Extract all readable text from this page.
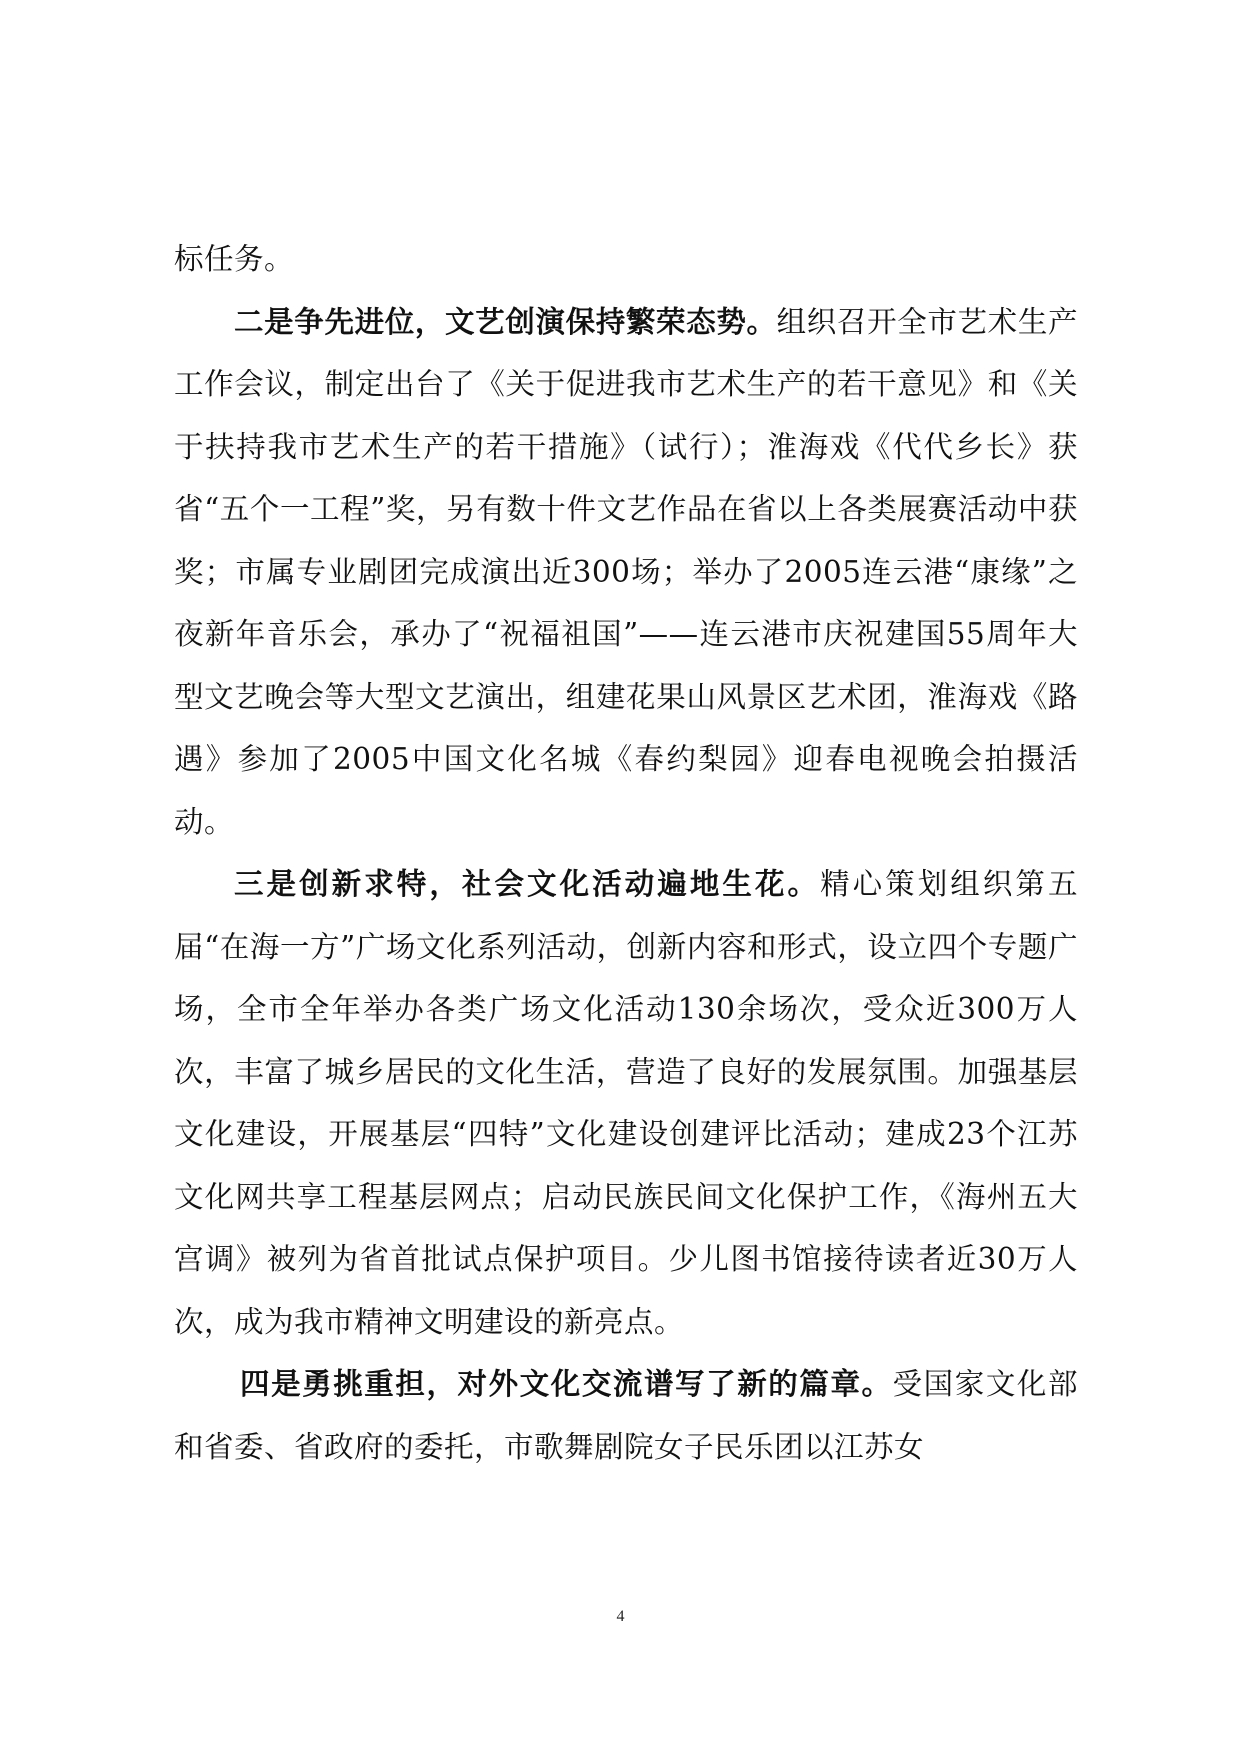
标任务。

二是争先进位，文艺创演保持繁荣态势。组织召开全市艺术生产工作会议，制定出台了《关于促进我市艺术生产的若干意见》和《关于扶持我市艺术生产的若干措施》（试行）；淮海戏《代代乡长》获省“五个一工程”奖，另有数十件文艺作品在省以上各类展赛活动中获奖；市属专业剧团完成演出近300场；举办了2005连云港“康缘”之夜新年音乐会，承办了“祝福祖国”——连云港市庆祝建国55周年大型文艺晚会等大型文艺演出，组建花果山风景区艺术团，淮海戏《路遇》参加了2005中国文化名城《春约梨园》迎春电视晚会拍摄活动。

三是创新求特，社会文化活动遍地生花。精心策划组织第五届“在海一方”广场文化系列活动，创新内容和形式，设立四个专题广场，全市全年举办各类广场文化活动130余场次，受众近300万人次，丰富了城乡居民的文化生活，营造了良好的发展氛围。加强基层文化建设，开展基层“四特”文化建设创建评比活动；建成23个江苏文化网共享工程基层网点；启动民族民间文化保护工作，《海州五大宫调》被列为省首批试点保护项目。少儿图书馆接待读者近30万人次，成为我市精神文明建设的新亮点。

四是勇挑重担，对外文化交流谱写了新的篇章。受国家文化部和省委、省政府的委托，市歌舞剧院女子民乐团以江苏女

4
